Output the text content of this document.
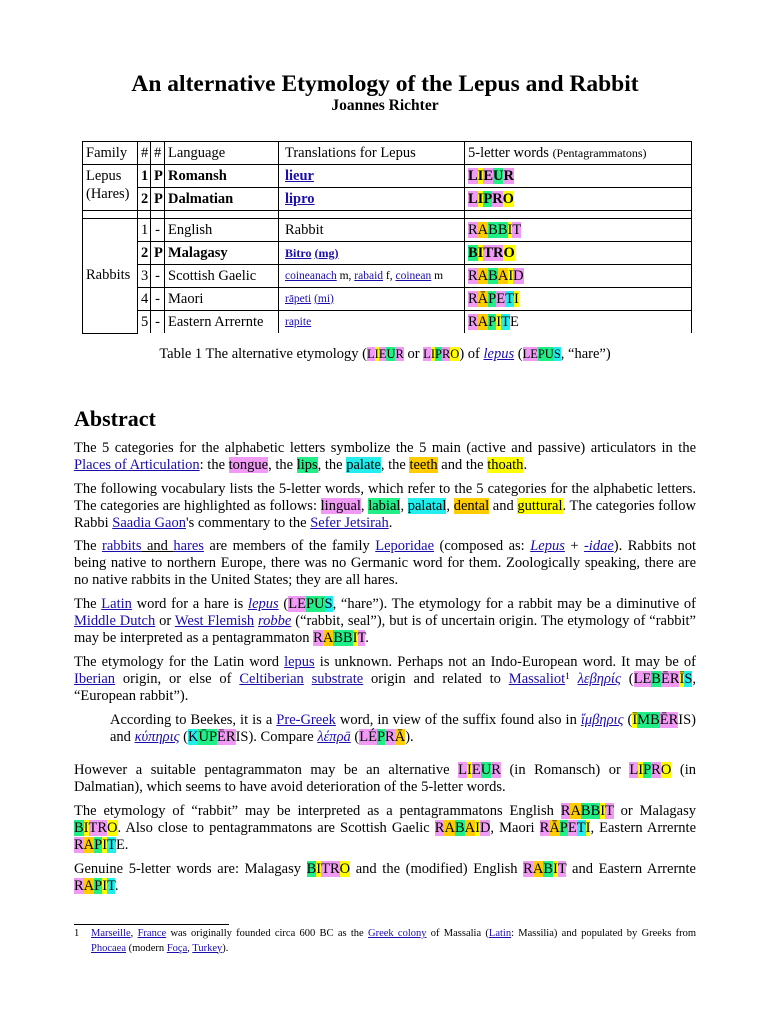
An alternative Etymology of the Lepus and Rabbit
Joannes Richter
Family	#	#	Language	Translations for Lepus	5-letter words (Pentagrammatons)
Lepus (Hares)	1	P	Romansh	lieur	LIEUR
	2	P	Dalmatian	lipro	LIPRO

Rabbits	1	-	English	Rabbit	RABBIT
	2	P	Malagasy	Bitro (mg)	BITRO
	3	-	Scottish Gaelic	coineanach m, rabaid f, coinean m	RABAID
	4	-	Maori	rāpeti (mi)	RĀPETI
	5	-	Eastern Arrernte	rapite	RAPITE
Table 1 The alternative etymology (LIEUR or LIPRO) of lepus (LEPUS, “hare”)
Abstract
The 5 categories for the alphabetic letters symbolize the 5 main (active and passive) articulators in the Places of Articulation: the tongue, the lips, the palate, the teeth and the thoath.
The following vocabulary lists the 5-letter words, which refer to the 5 categories for the alphabetic letters. The categories are highlighted as follows: lingual, labial, palatal, dental and guttural. The categories follow Rabbi Saadia Gaon's commentary to the Sefer Jetsirah.
The rabbits and hares are members of the family Leporidae (composed as: Lepus + -idae). Rabbits not being native to northern Europe, there was no Germanic word for them. Zoologically speaking, there are no native rabbits in the United States; they are all hares.
The Latin word for a hare is lepus (LEPUS, “hare”). The etymology for a rabbit may be a diminutive of Middle Dutch or West Flemish robbe (“rabbit, seal”), but is of uncertain origin. The etymology of “rabbit” may be interpreted as a pentagrammaton RABBIT.
The etymology for the Latin word lepus is unknown. Perhaps not an Indo-European word. It may be of Iberian origin, or else of Celtiberian substrate origin and related to Massaliot$^1$ λεβηρίς (LEBĒRĪS, “European rabbit”).
According to Beekes, it is a Pre-Greek word, in view of the suffix found also in ἴμβηρις (ĪMBĒRIS) and κύπηρις (KŪPĒRIS). Compare λέπρā (LÉPRĀ).
However a suitable pentagrammaton may be an alternative LIEUR (in Romansch) or LIPRO (in Dalmatian), which seems to have avoid deterioration of the 5-letter words.
The etymology of “rabbit” may be interpreted as a pentagrammatons English RABBIT or Malagasy BITRO. Also close to pentagrammatons are Scottish Gaelic RABAID, Maori RĀPETI, Eastern Arrernte RAPITE.
Genuine 5-letter words are: Malagasy BITRO and the (modified) English RABIT and Eastern Arrernte RAPIT.
1 Marseille, France was originally founded circa 600 BC as the Greek colony of Massalia (Latin: Massilia) and populated by Greeks from Phocaea (modern Foça, Turkey).
